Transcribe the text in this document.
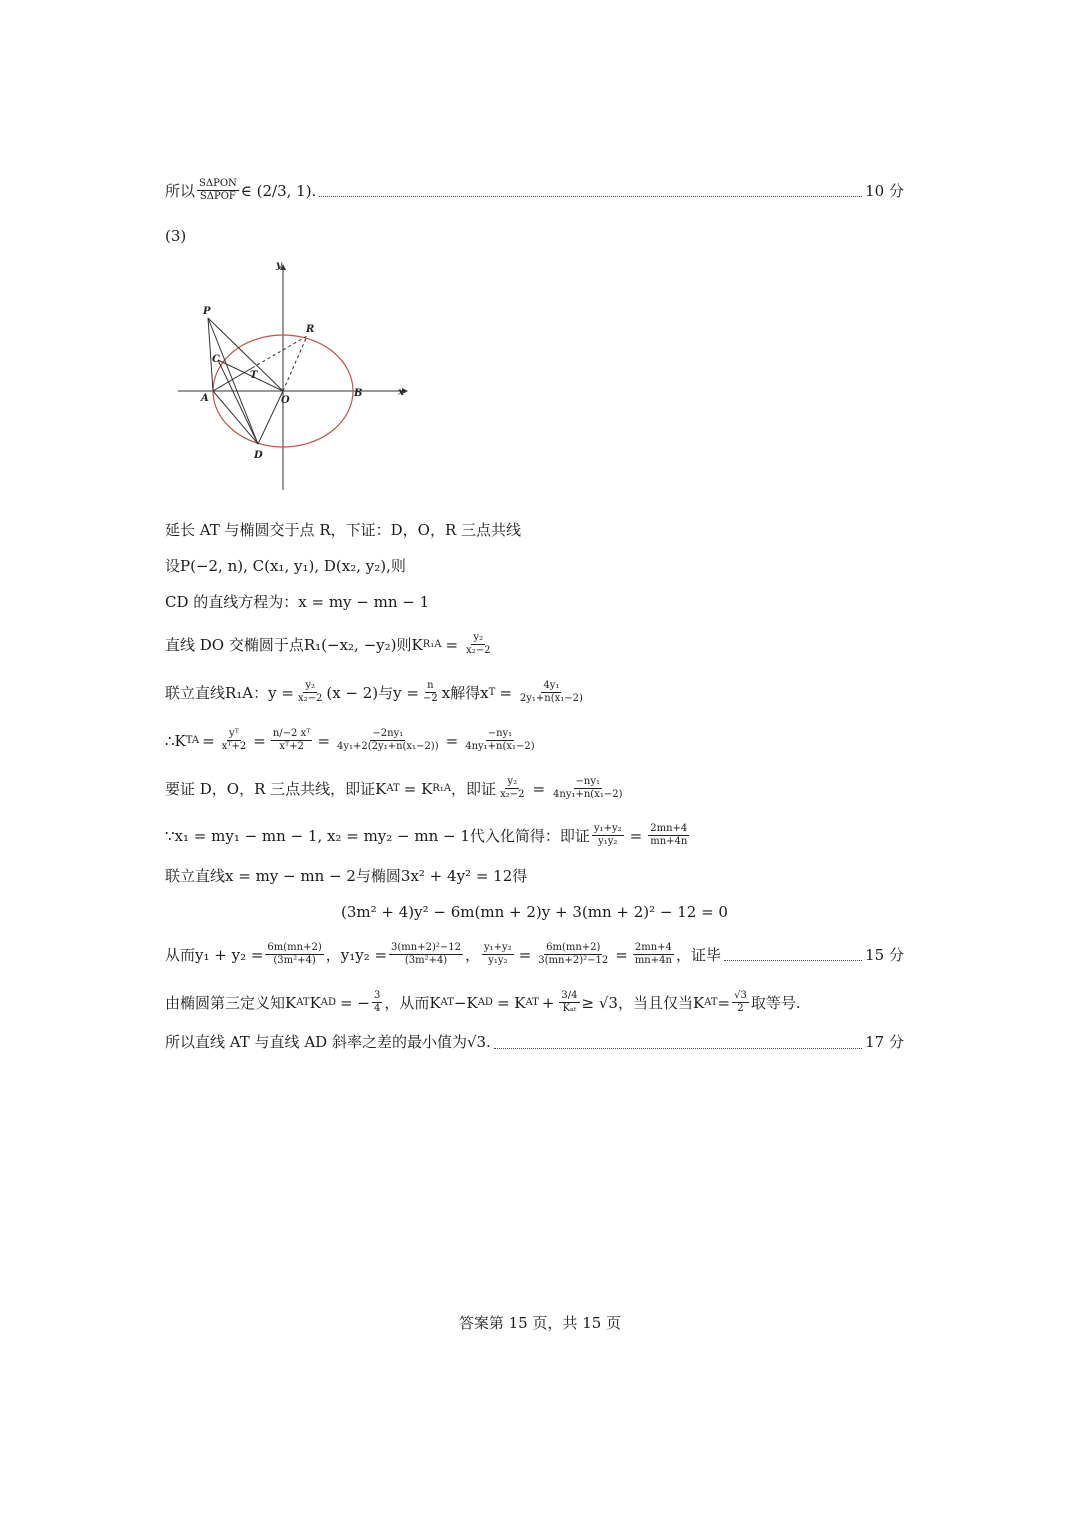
所以 SΔPON
SΔPOF ∈ (2/3, 1).	10 分
(3)
y
x
P
R
C
T
A	O
B
D
延长 AT 与椭圆交于点 R，下证：D，O，R 三点共线
设P(−2, n), C(x₁, y₁), D(x₂, y₂),则
CD 的直线方程为：x = my − mn − 1
直线 DO 交椭圆于点R₁(−x₂, −y₂)则K $R_1A = \frac{\text{y₂}}{\text{x₂−2}}$
联立直线R₁A：$y = \frac{\text{y₂}}{\text{x₂−2}} (x - 2)$与$y = \frac{n}{-2}$ x解得x $T = \frac{\text{4y₁}}{\text{2y₁+n(x₁−2)}}$
∴K TA = $\frac{\text{yᵀ}}{\text{xᵀ+2}} = \frac{\text{n/−2 xᵀ}}{\text{xᵀ+2}} = \frac{\text{−2ny₁}}{\text{4y₁+2(2y₁+n(x₁−2))}} = \frac{\text{−ny₁}}{\text{4ny₁+n(x₁−2)}}$
要证 D，O，R 三点共线，即证K AT = K R₁A ，即证 $\frac{\text{y₂}}{\text{x₂−2}} = \frac{\text{−ny₁}}{\text{4ny₁+n(x₁−2)}}$
∵x₁ = my₁ − mn − 1, x₂ = my₂ − mn − 1代入化简得：即证 $\frac{\text{y₁+y₂}}{\text{y₁y₂}} = \frac{2mn+4}{mn+4n}$
联立直线x = my − mn − 2与椭圆3x² + 4y² = 12得
(3m² + 4)y² − 6m(mn + 2)y + 3(mn + 2)² − 12 = 0
从而$y_1 + y_2 = \frac{6m(mn+2)}{\text{(3m²+4)}}$ ，$y_1y_2 = \frac{\text{3(mn+2)²−12}}{\text{(3m²+4)}}$ ， $\frac{\text{y₁+y₂}}{\text{y₁y₂}} = \frac{6m(mn+2)}{\text{3(mn+2)²−12}} = \frac{2mn+4}{mn+4n}$ ，证毕	15 分
由椭圆第三定义知K AT K AD = − $\frac{3}{4}$ ，从而K AT −K AD = K AT + 3/4
Kₐₜ ≥ √3，当且仅当K AT = $\frac{√3}{2}$ 取等号.
所以直线 AT 与直线 AD 斜率之差的最小值为√3.	17 分
答案第 15 页，共 15 页
